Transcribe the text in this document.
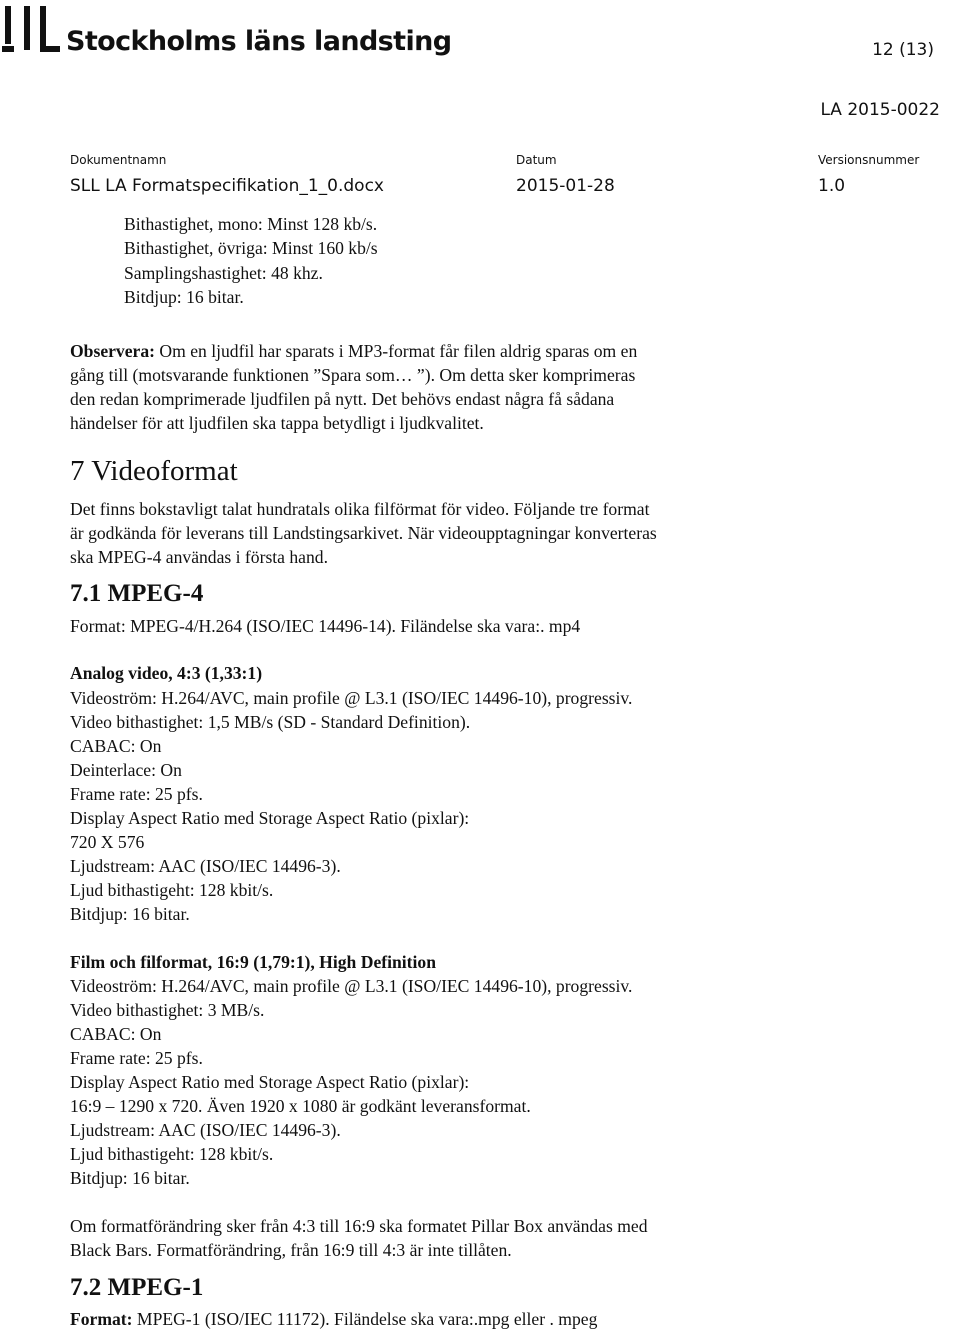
Stockholms läns landsting	12 (13)
LA 2015-0022
Dokumentnamn	Datum	Versionsnummer
SLL LA Formatspecifikation_1_0.docx	2015-01-28	1.0
Bithastighet, mono: Minst 128 kb/s.
Bithastighet, övriga: Minst 160 kb/s
Samplingshastighet: 48 khz.
Bitdjup: 16 bitar.
Observera: Om en ljudfil har sparats i MP3-format får filen aldrig sparas om en
gång till (motsvarande funktionen ”Spara som… ”). Om detta sker komprimeras
den redan komprimerade ljudfilen på nytt. Det behövs endast några få sådana
händelser för att ljudfilen ska tappa betydligt i ljudkvalitet.
7 Videoformat
Det finns bokstavligt talat hundratals olika filförmat för video. Följande tre format
är godkända för leverans till Landstingsarkivet. När videoupptagningar konverteras
ska MPEG-4 användas i första hand.
7.1 MPEG-4
Format: MPEG-4/H.264 (ISO/IEC 14496-14). Filändelse ska vara:. mp4
Analog video, 4:3 (1,33:1)
Videoström: H.264/AVC, main profile @ L3.1 (ISO/IEC 14496-10), progressiv.
Video bithastighet: 1,5 MB/s (SD - Standard Definition).
CABAC: On
Deinterlace: On
Frame rate: 25 pfs.
Display Aspect Ratio med Storage Aspect Ratio (pixlar):
720 X 576
Ljudstream: AAC (ISO/IEC 14496-3).
Ljud bithastigeht: 128 kbit/s.
Bitdjup: 16 bitar.
Film och filformat, 16:9 (1,79:1), High Definition
Videoström: H.264/AVC, main profile @ L3.1 (ISO/IEC 14496-10), progressiv.
Video bithastighet: 3 MB/s.
CABAC: On
Frame rate: 25 pfs.
Display Aspect Ratio med Storage Aspect Ratio (pixlar):
16:9 – 1290 x 720. Även 1920 x 1080 är godkänt leveransformat.
Ljudstream: AAC (ISO/IEC 14496-3).
Ljud bithastigeht: 128 kbit/s.
Bitdjup: 16 bitar.
Om formatförändring sker från 4:3 till 16:9 ska formatet Pillar Box användas med
Black Bars. Formatförändring, från 16:9 till 4:3 är inte tillåten.
7.2 MPEG-1
Format: MPEG-1 (ISO/IEC 11172). Filändelse ska vara:.mpg eller . mpeg
